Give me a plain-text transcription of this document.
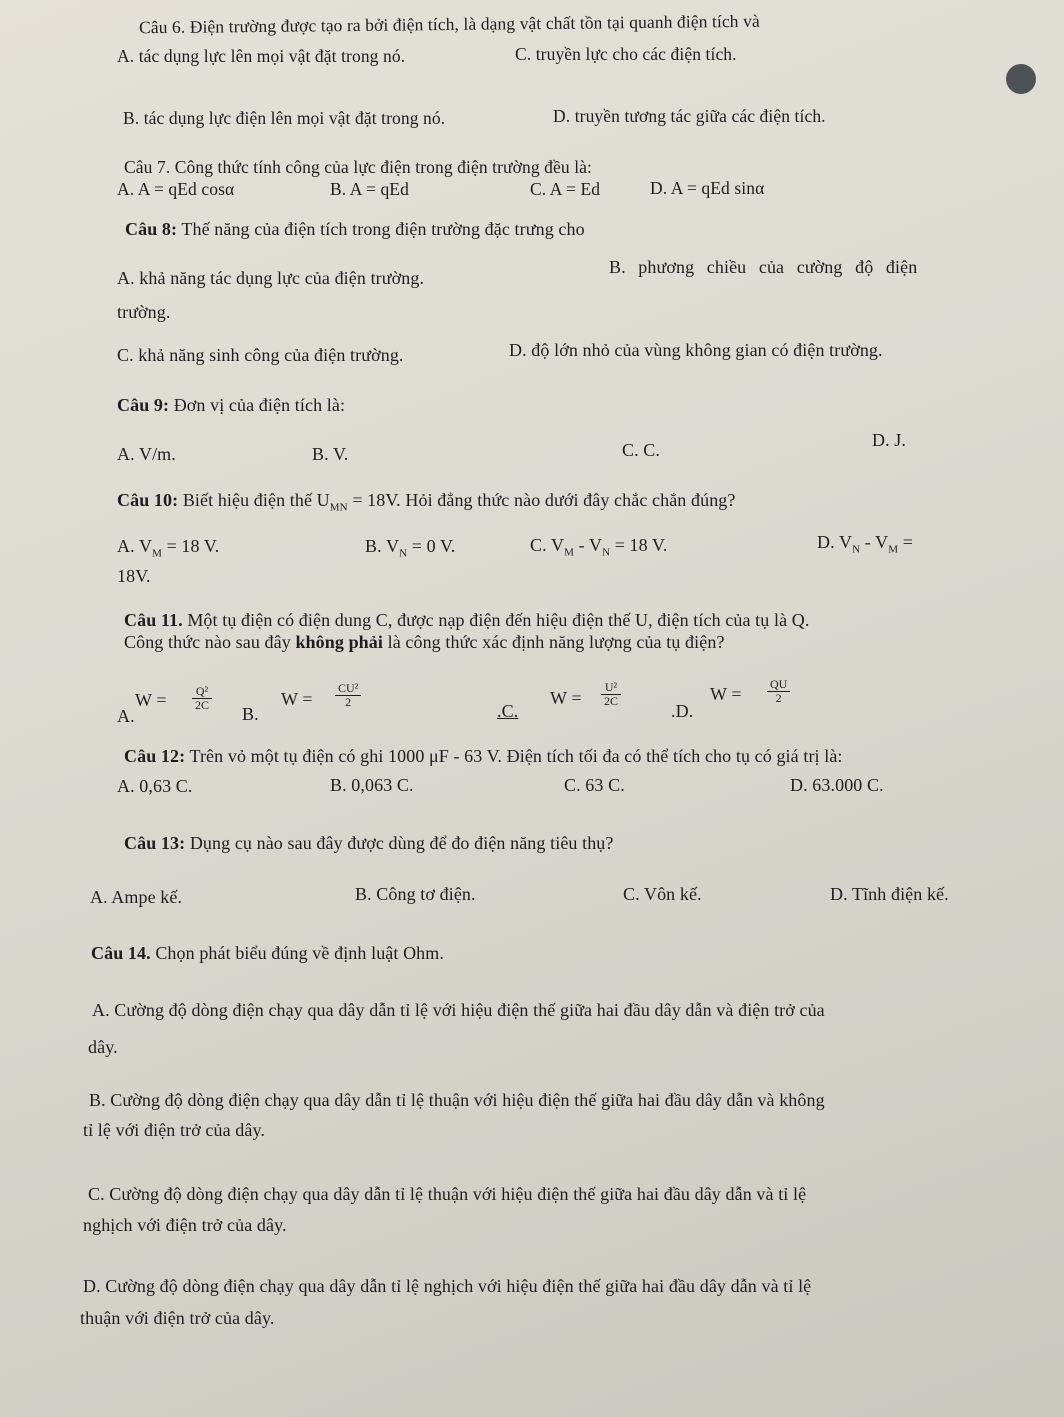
Câu 6. Điện trường được tạo ra bởi điện tích, là dạng vật chất tồn tại quanh điện tích và
A. tác dụng lực lên mọi vật đặt trong nó.	C. truyền lực cho các điện tích.
B. tác dụng lực điện lên mọi vật đặt trong nó.	D. truyền tương tác giữa các điện tích.
Câu 7. Công thức tính công của lực điện trong điện trường đều là:
A. A = qEd cosα	B. A = qEd	C. A = Ed	D. A = qEd sinα
Câu 8: Thế năng của điện tích trong điện trường đặc trưng cho
A. khả năng tác dụng lực của điện trường.
B. phương chiều của cường độ điện
trường.
C. khả năng sinh công của điện trường.	D. độ lớn nhỏ của vùng không gian có điện trường.
Câu 9: Đơn vị của điện tích là:
A. V/m.	B. V.	C. C.	D. J.
Câu 10: Biết hiệu điện thế $U_{MN} = 18V$. Hỏi đẳng thức nào dưới đây chắc chắn đúng?
A. $V_M = 18$ V.	B. $V_N = 0$ V.	C. $V_M - V_N = 18$ V.	D. $V_N - V_M$ =
18V.
Câu 11. Một tụ điện có điện dung C, được nạp điện đến hiệu điện thế U, điện tích của tụ là Q.
Công thức nào sau đây không phải là công thức xác định năng lượng của tụ điện?
A.
$W = \frac{\text{Q²}}{2C}$
B.
$W = \frac{\text{CU²}}{2}$
.C.
$W = \frac{\text{U²}}{2C}$
.D.
$W = \frac{QU}{2}$
Câu 12: Trên vỏ một tụ điện có ghi 1000 μF - 63 V. Điện tích tối đa có thể tích cho tụ có giá trị là:
A. 0,63 C.	B. 0,063 C.	C. 63 C.	D. 63.000 C.
Câu 13: Dụng cụ nào sau đây được dùng để đo điện năng tiêu thụ?
A. Ampe kế.	B. Công tơ điện.	C. Vôn kế.	D. Tĩnh điện kế.
Câu 14. Chọn phát biểu đúng về định luật Ohm.
A. Cường độ dòng điện chạy qua dây dẫn tỉ lệ với hiệu điện thế giữa hai đầu dây dẫn và điện trở của
dây.
B. Cường độ dòng điện chạy qua dây dẫn tỉ lệ thuận với hiệu điện thế giữa hai đầu dây dẫn và không
tỉ lệ với điện trở của dây.
C. Cường độ dòng điện chạy qua dây dẫn tỉ lệ thuận với hiệu điện thế giữa hai đầu dây dẫn và tỉ lệ
nghịch với điện trở của dây.
D. Cường độ dòng điện chạy qua dây dẫn tỉ lệ nghịch với hiệu điện thế giữa hai đầu dây dẫn và tỉ lệ
thuận với điện trở của dây.
